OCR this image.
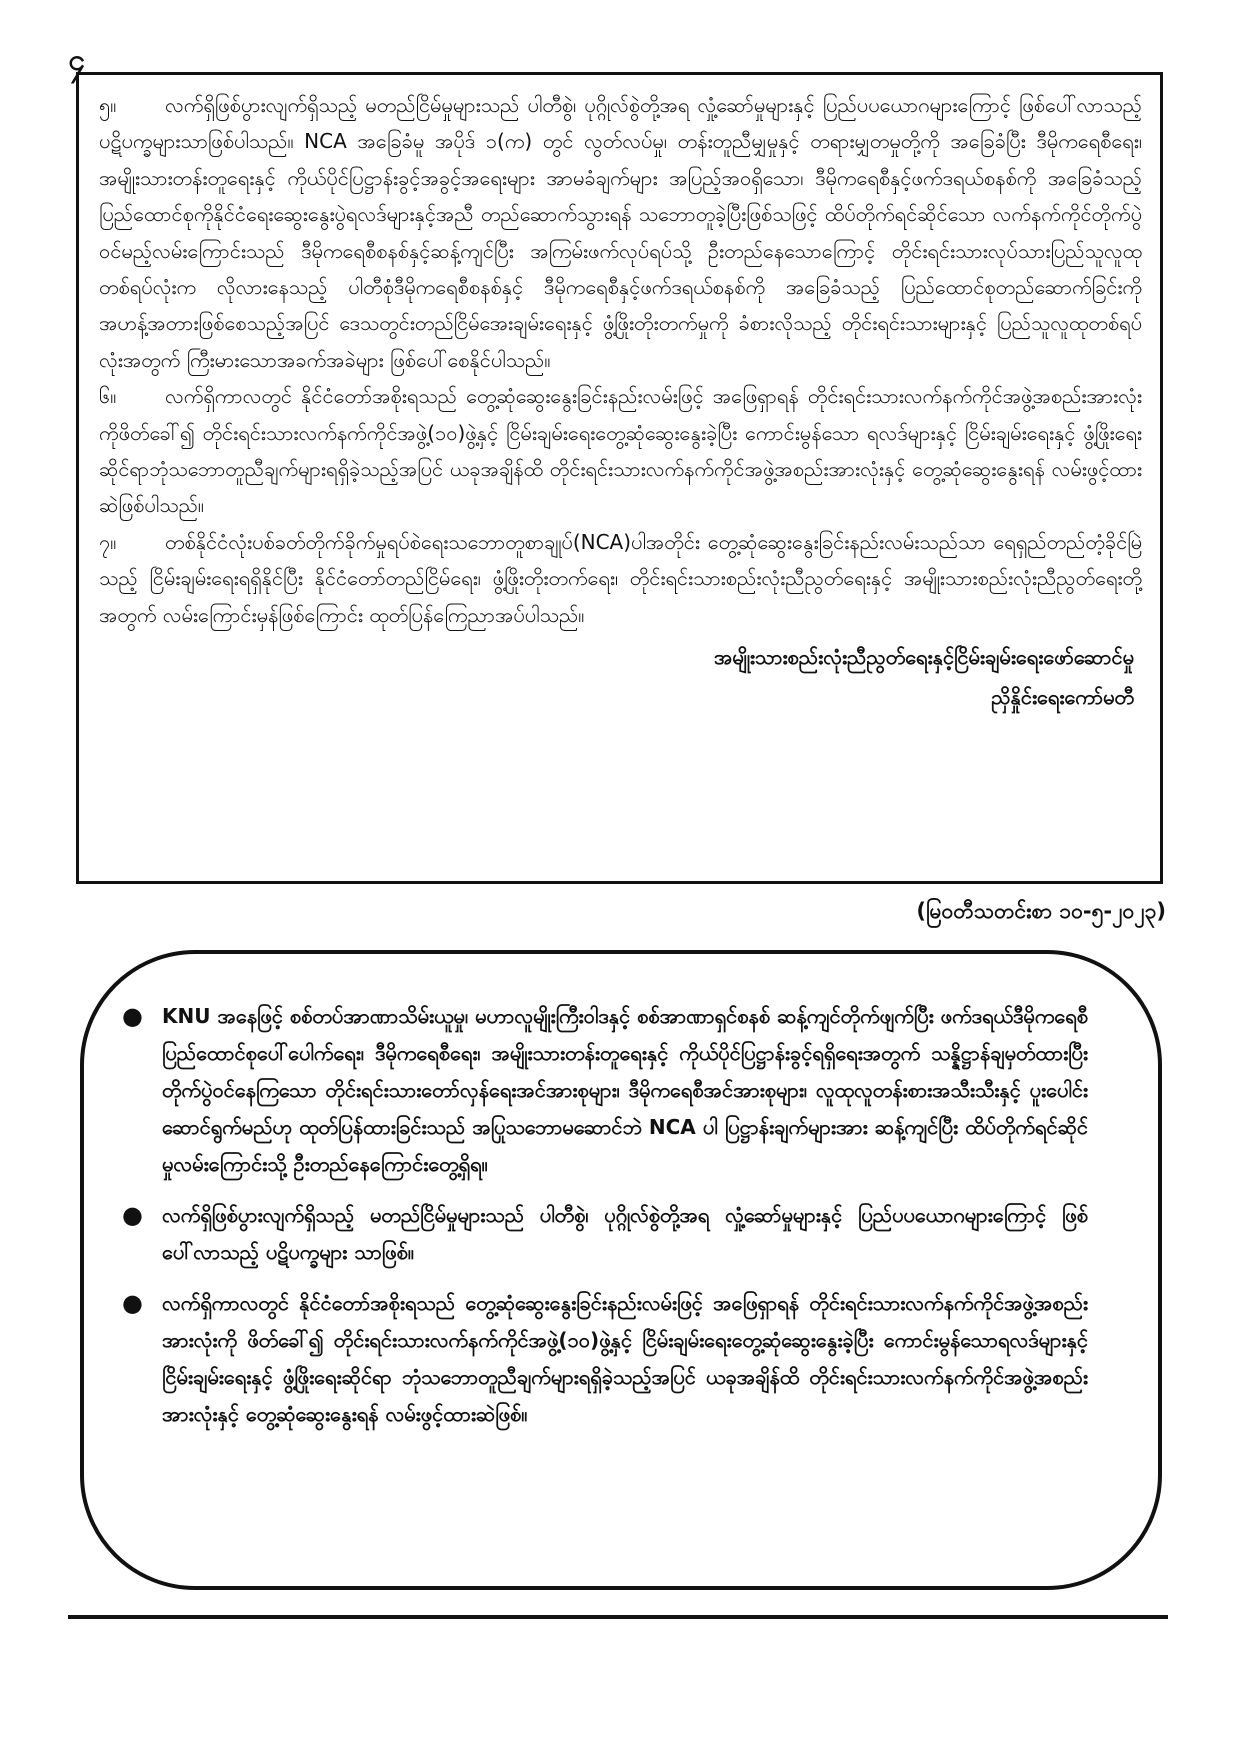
၄

၅။ လက်ရှိဖြစ်ပွားလျက်ရှိသည့် မတည်ငြိမ်မှုများသည် ပါတီစွဲ၊ ပုဂ္ဂိုလ်စွဲတို့အရ လှုံ့ဆော်မှုများနှင့် ပြည်ပပယောဂများကြောင့် ဖြစ်ပေါ်လာသည့် ပဋိပက္ခများသာဖြစ်ပါသည်။ NCA အခြေခံမူ အပိုဒ် ၁(က) တွင် လွတ်လပ်မှု၊ တန်းတူညီမျှမှုနှင့် တရားမျှတမှုတို့ကို အခြေခံပြီး ဒီမိုကရေစီရေး၊ အမျိုးသားတန်းတူရေးနှင့် ကိုယ်ပိုင်ပြဋ္ဌာန်းခွင့်အခွင့်အရေးများ အာမခံချက်များ အပြည့်အဝရှိသော၊ ဒီမိုကရေစီနှင့်ဖက်ဒရယ်စနစ်ကို အခြေခံသည့် ပြည်ထောင်စုကိုနိုင်ငံရေးဆွေးနွေးပွဲရလဒ်များနှင့်အညီ တည်ဆောက်သွားရန် သဘောတူခဲ့ပြီးဖြစ်သဖြင့် ထိပ်တိုက်ရင်ဆိုင်သော လက်နက်ကိုင်တိုက်ပွဲဝင်မည့်လမ်းကြောင်းသည် ဒီမိုကရေစီစနစ်နှင့်ဆန့်ကျင်ပြီး အကြမ်းဖက်လုပ်ရပ်သို့ ဦးတည်နေသောကြောင့် တိုင်းရင်းသားလုပ်သားပြည်သူလူထုတစ်ရပ်လုံးက လိုလားနေသည့် ပါတီစုံဒီမိုကရေစီစနစ်နှင့် ဒီမိုကရေစီနှင့်ဖက်ဒရယ်စနစ်ကို အခြေခံသည့် ပြည်ထောင်စုတည်ဆောက်ခြင်းကို အဟန့်အတားဖြစ်စေသည့်အပြင် ဒေသတွင်းတည်ငြိမ်အေးချမ်းရေးနှင့် ဖွံ့ဖြိုးတိုးတက်မှုကို ခံစားလိုသည့် တိုင်းရင်းသားများနှင့် ပြည်သူလူထုတစ်ရပ်လုံးအတွက် ကြီးမားသောအခက်အခဲများ ဖြစ်ပေါ်စေနိုင်ပါသည်။

၆။ လက်ရှိကာလတွင် နိုင်ငံတော်အစိုးရသည် တွေ့ဆုံဆွေးနွေးခြင်းနည်းလမ်းဖြင့် အဖြေရှာရန် တိုင်းရင်းသားလက်နက်ကိုင်အဖွဲ့အစည်းအားလုံးကိုဖိတ်ခေါ်၍ တိုင်းရင်းသားလက်နက်ကိုင်အဖွဲ့(၁၀)ဖွဲ့နှင့် ငြိမ်းချမ်းရေးတွေ့ဆုံဆွေးနွေးခဲ့ပြီး ကောင်းမွန်သော ရလဒ်များနှင့် ငြိမ်းချမ်းရေးနှင့် ဖွံ့ဖြိုးရေးဆိုင်ရာဘုံသဘောတူညီချက်များရရှိခဲ့သည့်အပြင် ယခုအချိန်ထိ တိုင်းရင်းသားလက်နက်ကိုင်အဖွဲ့အစည်းအားလုံးနှင့် တွေ့ဆုံဆွေးနွေးရန် လမ်းဖွင့်ထားဆဲဖြစ်ပါသည်။

၇။ တစ်နိုင်ငံလုံးပစ်ခတ်တိုက်ခိုက်မှုရပ်စဲရေးသဘောတူစာချုပ်(NCA)ပါအတိုင်း တွေ့ဆုံဆွေးနွေးခြင်းနည်းလမ်းသည်သာ ရေရှည်တည်တံ့ခိုင်မြဲသည့် ငြိမ်းချမ်းရေးရရှိနိုင်ပြီး နိုင်ငံတော်တည်ငြိမ်ရေး၊ ဖွံ့ဖြိုးတိုးတက်ရေး၊ တိုင်းရင်းသားစည်းလုံးညီညွတ်ရေးနှင့် အမျိုးသားစည်းလုံးညီညွတ်ရေးတို့အတွက် လမ်းကြောင်းမှန်ဖြစ်ကြောင်း ထုတ်ပြန်ကြေညာအပ်ပါသည်။

အမျိုးသားစည်းလုံးညီညွတ်ရေးနှင့်ငြိမ်းချမ်းရေးဖော်ဆောင်မှု
ညှိနှိုင်းရေးကော်မတီ
(မြဝတီသတင်းစာ ၁၀-၅-၂၀၂၃)
● KNU အနေဖြင့် စစ်တပ်အာဏာသိမ်းယူမှု၊ မဟာလူမျိုးကြီးဝါဒနှင့် စစ်အာဏာရှင်စနစ် ဆန့်ကျင်တိုက်ဖျက်ပြီး ဖက်ဒရယ်ဒီမိုကရေစီ ပြည်ထောင်စုပေါ်ပေါက်ရေး၊ ဒီမိုကရေစီရေး၊ အမျိုးသားတန်းတူရေးနှင့် ကိုယ်ပိုင်ပြဋ္ဌာန်းခွင့်ရရှိရေးအတွက် သန္နိဋ္ဌာန်ချမှတ်ထားပြီး တိုက်ပွဲဝင်နေကြသော တိုင်းရင်းသားတော်လှန်ရေးအင်အားစုများ၊ ဒီမိုကရေစီအင်အားစုများ၊ လူထုလူတန်းစားအသီးသီးနှင့် ပူးပေါင်းဆောင်ရွက်မည်ဟု ထုတ်ပြန်ထားခြင်းသည် အပြုသဘောမဆောင်ဘဲ NCA ပါ ပြဋ္ဌာန်းချက်များအား ဆန့်ကျင်ပြီး ထိပ်တိုက်ရင်ဆိုင်မှုလမ်းကြောင်းသို့ ဦးတည်နေကြောင်းတွေ့ရှိရ။
● လက်ရှိဖြစ်ပွားလျက်ရှိသည့် မတည်ငြိမ်မှုများသည် ပါတီစွဲ၊ ပုဂ္ဂိုလ်စွဲတို့အရ လှုံ့ဆော်မှုများနှင့် ပြည်ပပယောဂများကြောင့် ဖြစ်ပေါ်လာသည့် ပဋိပက္ခများ သာဖြစ်။
● လက်ရှိကာလတွင် နိုင်ငံတော်အစိုးရသည် တွေ့ဆုံဆွေးနွေးခြင်းနည်းလမ်းဖြင့် အဖြေရှာရန် တိုင်းရင်းသားလက်နက်ကိုင်အဖွဲ့အစည်းအားလုံးကို ဖိတ်ခေါ်၍ တိုင်းရင်းသားလက်နက်ကိုင်အဖွဲ့(၁၀)ဖွဲ့နှင့် ငြိမ်းချမ်းရေးတွေ့ဆုံဆွေးနွေးခဲ့ပြီး ကောင်းမွန်သောရလဒ်များနှင့် ငြိမ်းချမ်းရေးနှင့် ဖွံ့ဖြိုးရေးဆိုင်ရာ ဘုံသဘောတူညီချက်များရရှိခဲ့သည့်အပြင် ယခုအချိန်ထိ တိုင်းရင်းသားလက်နက်ကိုင်အဖွဲ့အစည်းအားလုံးနှင့် တွေ့ဆုံဆွေးနွေးရန် လမ်းဖွင့်ထားဆဲဖြစ်။
